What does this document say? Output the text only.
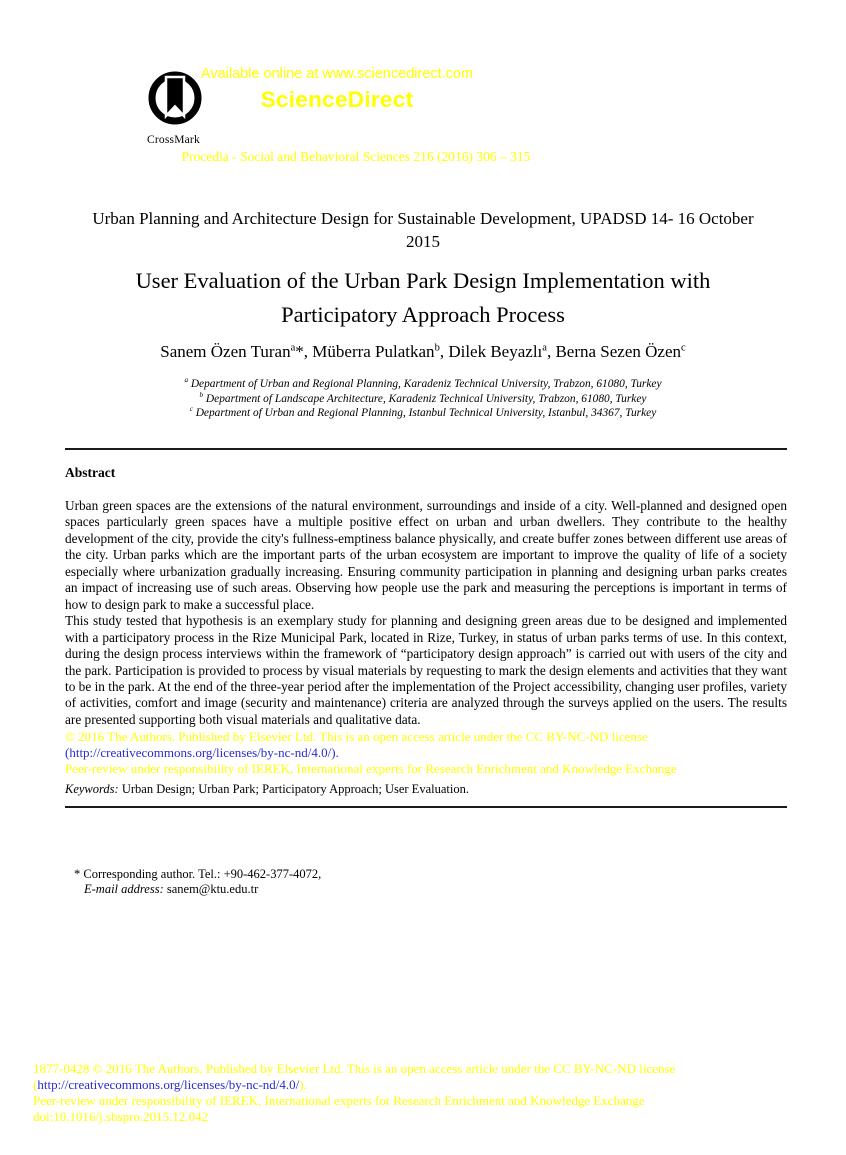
CrossMark
Available online at www.sciencedirect.com
ScienceDirect
Procedia - Social and Behavioral Sciences 216 (2016) 306 – 315
Urban Planning and Architecture Design for Sustainable Development, UPADSD 14- 16 October
2015
User Evaluation of the Urban Park Design Implementation with
Participatory Approach Process
Sanem Özen Turan$^a$*, Müberra Pulatkan$^b$, Dilek Beyazlı$^a$, Berna Sezen Özen$^c$
$^a$ Department of Urban and Regional Planning, Karadeniz Technical University, Trabzon, 61080, Turkey
$^b$ Department of Landscape Architecture, Karadeniz Technical University, Trabzon, 61080, Turkey
$^c$ Department of Urban and Regional Planning, Istanbul Technical University, Istanbul, 34367, Turkey
Abstract

Urban green spaces are the extensions of the natural environment, surroundings and inside of a city. Well-planned and designed open spaces particularly green spaces have a multiple positive effect on urban and urban dwellers. They contribute to the healthy development of the city, provide the city's fullness-emptiness balance physically, and create buffer zones between different use areas of the city. Urban parks which are the important parts of the urban ecosystem are important to improve the quality of life of a society especially where urbanization gradually increasing. Ensuring community participation in planning and designing urban parks creates an impact of increasing use of such areas. Observing how people use the park and measuring the perceptions is important in terms of how to design park to make a successful place.

This study tested that hypothesis is an exemplary study for planning and designing green areas due to be designed and implemented with a participatory process in the Rize Municipal Park, located in Rize, Turkey, in status of urban parks terms of use. In this context, during the design process interviews within the framework of “participatory design approach” is carried out with users of the city and the park. Participation is provided to process by visual materials by requesting to mark the design elements and activities that they want to be in the park. At the end of the three-year period after the implementation of the Project accessibility, changing user profiles, variety of activities, comfort and image (security and maintenance) criteria are analyzed through the surveys applied on the users. The results are presented supporting both visual materials and qualitative data.

© 2016 The Authors. Published by Elsevier Ltd. This is an open access article under the CC BY-NC-ND license
(http://creativecommons.org/licenses/by-nc-nd/4.0/).
Peer-review under responsibility of IEREK, International experts for Research Enrichment and Knowledge Exchange
Keywords: Urban Design; Urban Park; Participatory Approach; User Evaluation.
* Corresponding author. Tel.: +90-462-377-4072,
E-mail address: sanem@ktu.edu.tr
1877-0428 © 2016 The Authors. Published by Elsevier Ltd. This is an open access article under the CC BY-NC-ND license
(http://creativecommons.org/licenses/by-nc-nd/4.0/).
Peer-review under responsibility of IEREK, International experts for Research Enrichment and Knowledge Exchange
doi:10.1016/j.sbspro.2015.12.042
